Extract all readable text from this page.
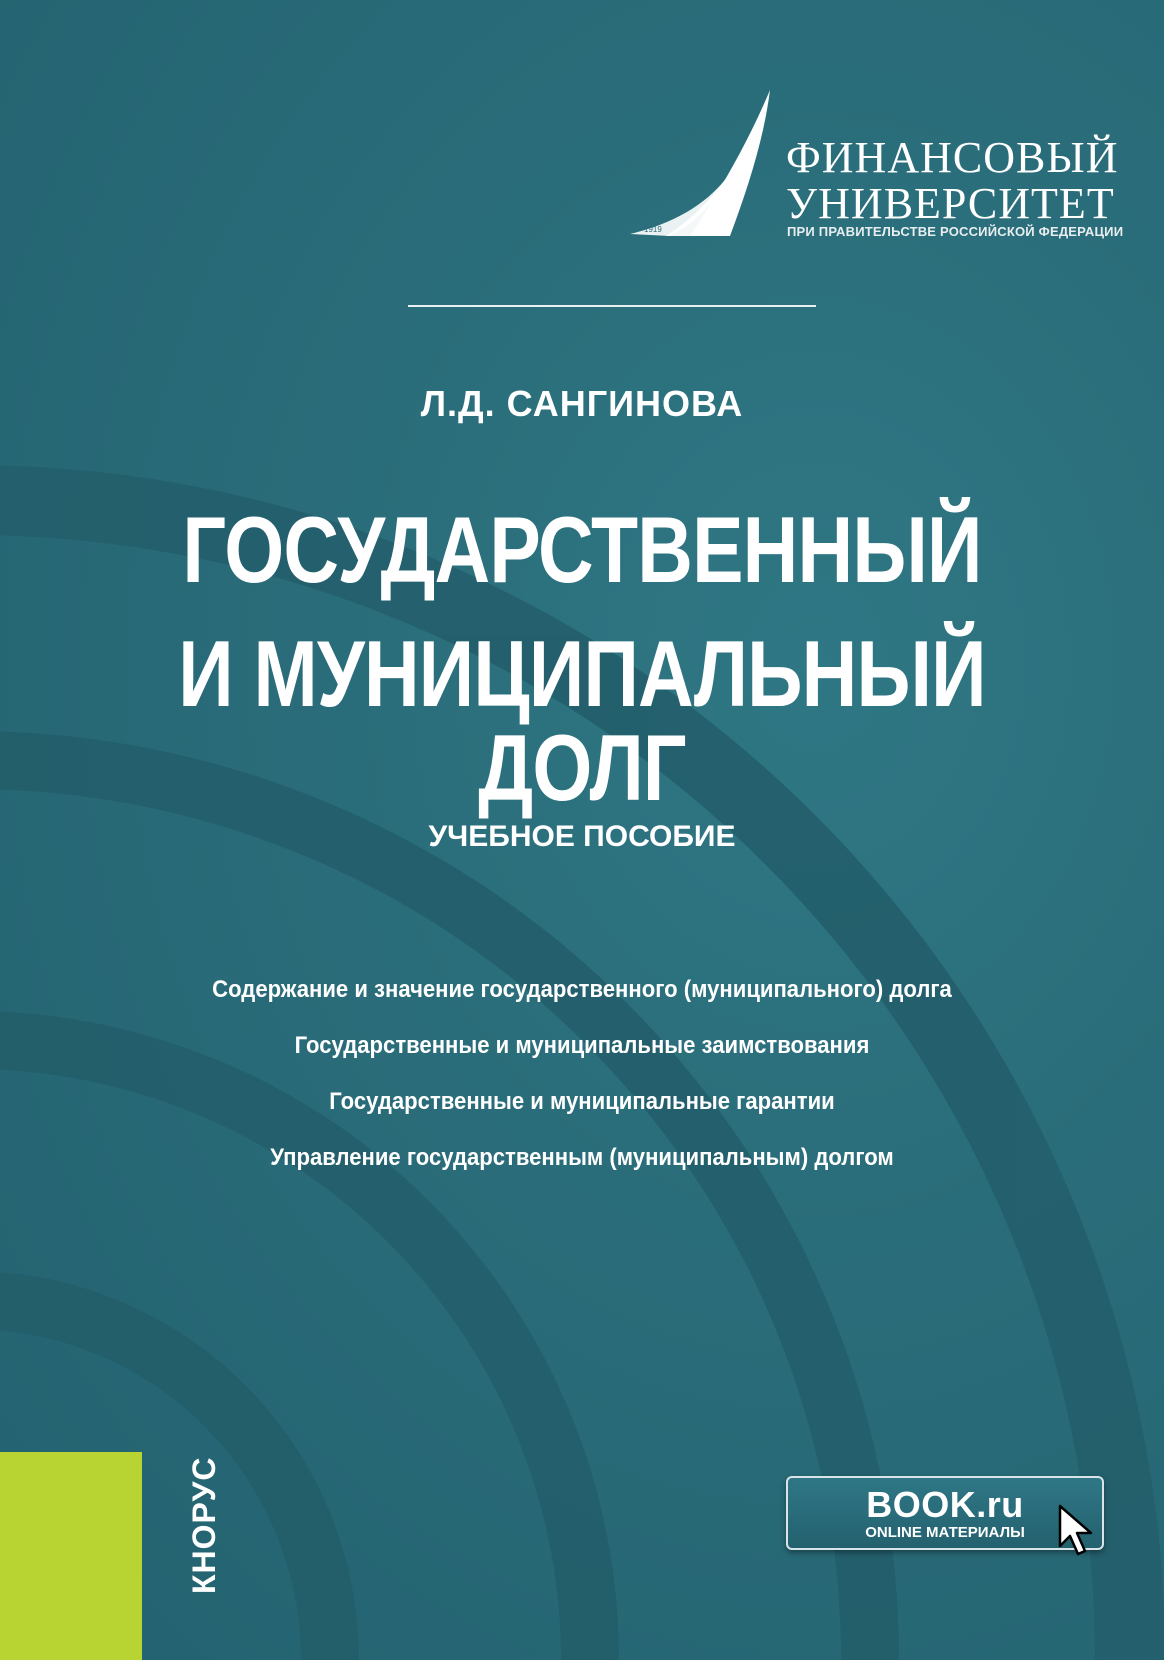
1919
ФИНАНСОВЫЙ
УНИВЕРСИТЕТ
ПРИ ПРАВИТЕЛЬСТВЕ РОССИЙСКОЙ ФЕДЕРАЦИИ
Л.Д. САНГИНОВА
ГОСУДАРСТВЕННЫЙ
И МУНИЦИПАЛЬНЫЙ ДОЛГ
УЧЕБНОЕ ПОСОБИЕ
Содержание и значение государственного (муниципального) долга
Государственные и муниципальные заимствования
Государственные и муниципальные гарантии
Управление государственным (муниципальным) долгом
КНОРУС	BOOK.ru
ONLINE МАТЕРИАЛЫ
